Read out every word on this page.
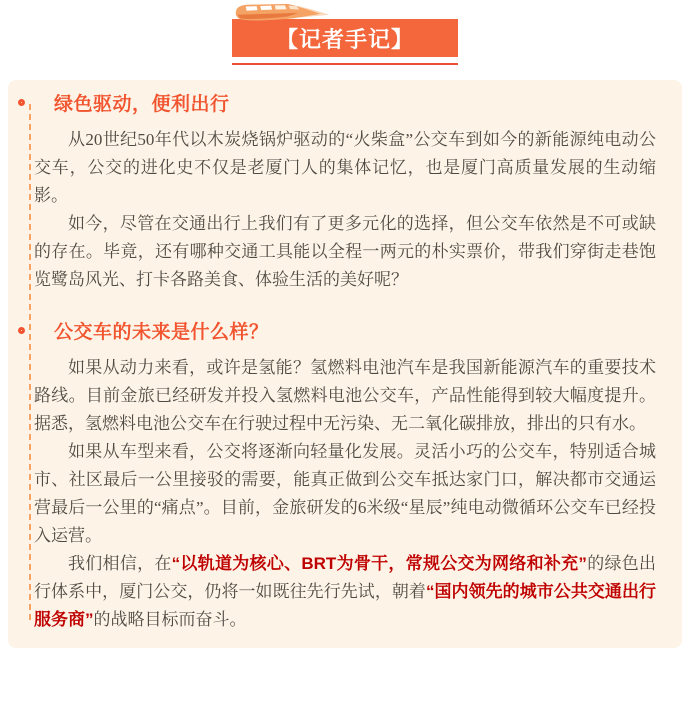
【记者手记】
绿色驱动，便利出行

从20世纪50年代以木炭烧锅炉驱动的“火柴盒”公交车到如今的新能源纯电动公交车，公交的进化史不仅是老厦门人的集体记忆，也是厦门高质量发展的生动缩影。

如今，尽管在交通出行上我们有了更多元化的选择，但公交车依然是不可或缺的存在。毕竟，还有哪种交通工具能以全程一两元的朴实票价，带我们穿街走巷饱览鹭岛风光、打卡各路美食、体验生活的美好呢？

公交车的未来是什么样？

如果从动力来看，或许是氢能？氢燃料电池汽车是我国新能源汽车的重要技术路线。目前金旅已经研发并投入氢燃料电池公交车，产品性能得到较大幅度提升。据悉，氢燃料电池公交车在行驶过程中无污染、无二氧化碳排放，排出的只有水。

如果从车型来看，公交将逐渐向轻量化发展。灵活小巧的公交车，特别适合城市、社区最后一公里接驳的需要，能真正做到公交车抵达家门口，解决都市交通运营最后一公里的“痛点”。目前，金旅研发的6米级“星辰”纯电动微循环公交车已经投入运营。

我们相信，在“以轨道为核心、BRT为骨干，常规公交为网络和补充”的绿色出行体系中，厦门公交，仍将一如既往先行先试，朝着“国内领先的城市公共交通出行服务商”的战略目标而奋斗。
